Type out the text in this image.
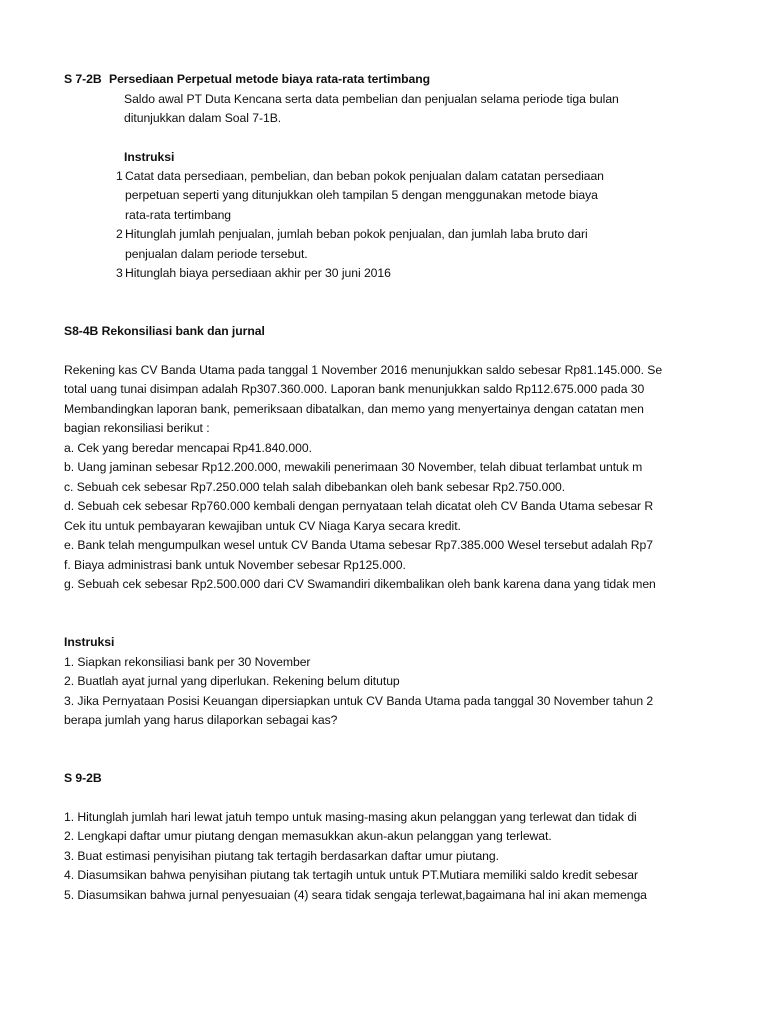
S 7-2B Persediaan Perpetual metode biaya rata-rata tertimbang
Saldo awal PT Duta Kencana serta data pembelian dan penjualan selama periode tiga bulan
ditunjukkan dalam Soal 7-1B.
Instruksi
1 Catat data persediaan, pembelian, dan beban pokok penjualan dalam catatan persediaan
perpetuan seperti yang ditunjukkan oleh tampilan 5 dengan menggunakan metode biaya
rata-rata tertimbang
2 Hitunglah jumlah penjualan, jumlah beban pokok penjualan, dan jumlah laba bruto dari
penjualan dalam periode tersebut.
3 Hitunglah biaya persediaan akhir per 30 juni 2016
S8-4B Rekonsiliasi bank dan jurnal
Rekening kas CV Banda Utama pada tanggal 1 November 2016 menunjukkan saldo sebesar Rp81.145.000. Se
total uang tunai disimpan adalah Rp307.360.000. Laporan bank menunjukkan saldo Rp112.675.000 pada 30
Membandingkan laporan bank, pemeriksaan dibatalkan, dan memo yang menyertainya dengan catatan men
bagian rekonsiliasi berikut :
a. Cek yang beredar mencapai Rp41.840.000.
b. Uang jaminan sebesar Rp12.200.000, mewakili penerimaan 30 November, telah dibuat terlambat untuk m
c. Sebuah cek sebesar Rp7.250.000 telah salah dibebankan oleh bank sebesar Rp2.750.000.
d. Sebuah cek sebesar Rp760.000 kembali dengan pernyataan telah dicatat oleh CV Banda Utama sebesar R
Cek itu untuk pembayaran kewajiban untuk CV Niaga Karya secara kredit.
e. Bank telah mengumpulkan wesel untuk CV Banda Utama sebesar Rp7.385.000 Wesel tersebut adalah Rp7
f. Biaya administrasi bank untuk November sebesar Rp125.000.
g. Sebuah cek sebesar Rp2.500.000 dari CV Swamandiri dikembalikan oleh bank karena dana yang tidak men
Instruksi
1. Siapkan rekonsiliasi bank per 30 November
2. Buatlah ayat jurnal yang diperlukan. Rekening belum ditutup
3. Jika Pernyataan Posisi Keuangan dipersiapkan untuk CV Banda Utama pada tanggal 30 November tahun 2
berapa jumlah yang harus dilaporkan sebagai kas?
S 9-2B
1. Hitunglah jumlah hari lewat jatuh tempo untuk masing-masing akun pelanggan yang terlewat dan tidak di
2. Lengkapi daftar umur piutang dengan memasukkan akun-akun pelanggan yang terlewat.
3. Buat estimasi penyisihan piutang tak tertagih berdasarkan daftar umur piutang.
4. Diasumsikan bahwa penyisihan piutang tak tertagih untuk untuk PT.Mutiara memiliki saldo kredit sebesar
5. Diasumsikan bahwa jurnal penyesuaian (4) seara tidak sengaja terlewat,bagaimana hal ini akan memenga
